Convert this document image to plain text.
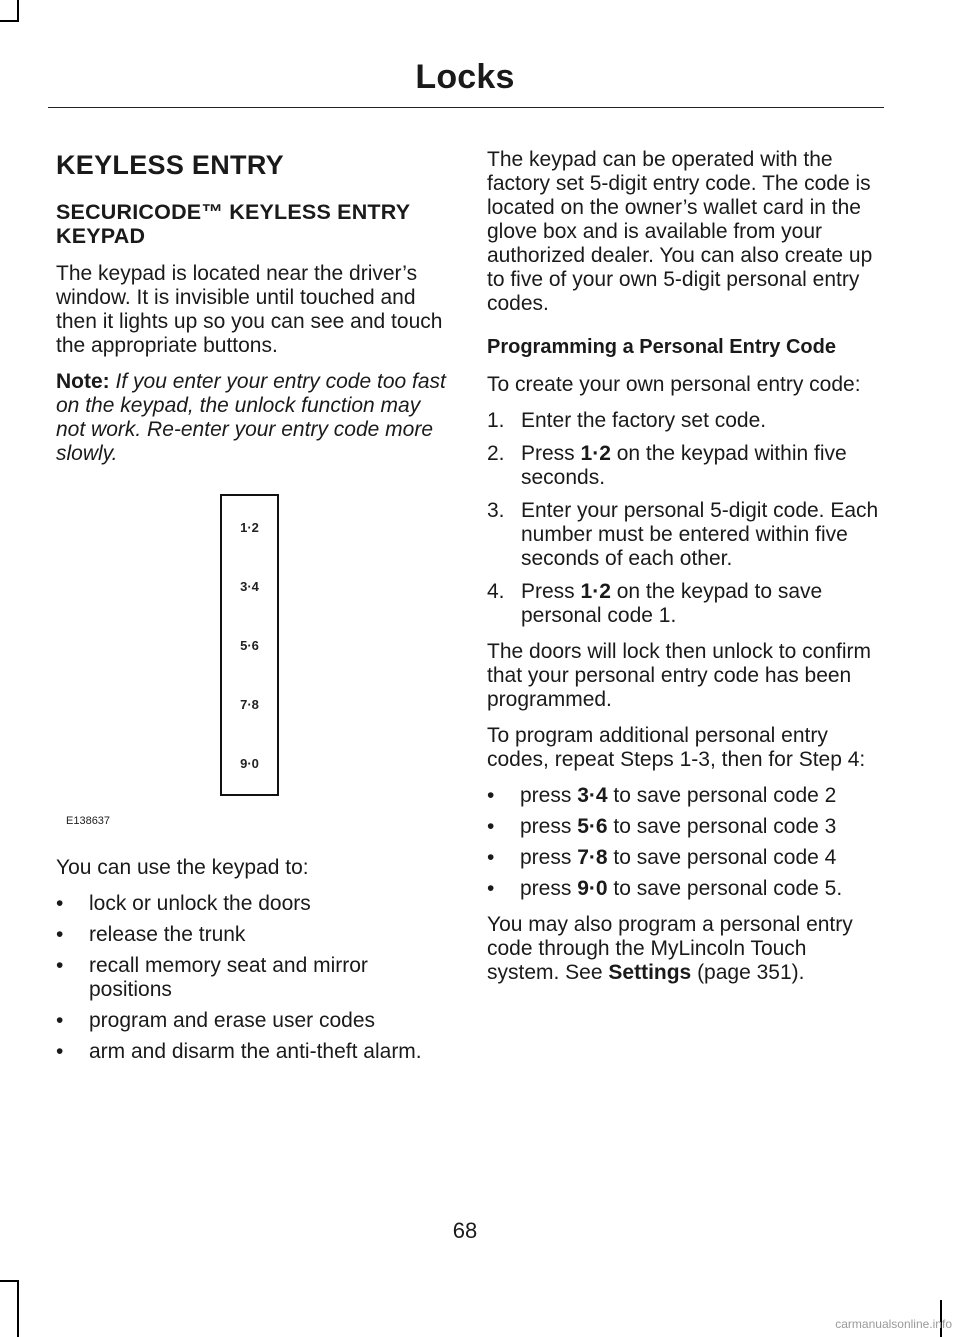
Locks
KEYLESS ENTRY
SECURICODE™ KEYLESS ENTRY KEYPAD

The keypad is located near the driver’s window. It is invisible until touched and then it lights up so you can see and touch the appropriate buttons.

Note: If you enter your entry code too fast on the keypad, the unlock function may not work. Re-enter your entry code more slowly.

1·2
3·4
5·6
7·8
9·0
E138637

You can use the keypad to:

• lock or unlock the doors
• release the trunk
• recall memory seat and mirror positions
• program and erase user codes
• arm and disarm the anti-theft alarm.

The keypad can be operated with the factory set 5-digit entry code. The code is located on the owner’s wallet card in the glove box and is available from your authorized dealer. You can also create up to five of your own 5-digit personal entry codes.

Programming a Personal Entry Code

To create your own personal entry code:

1. Enter the factory set code.
2. Press 1·2 on the keypad within five seconds.
3. Enter your personal 5-digit code. Each number must be entered within five seconds of each other.
4. Press 1·2 on the keypad to save personal code 1.

The doors will lock then unlock to confirm that your personal entry code has been programmed.

To program additional personal entry codes, repeat Steps 1-3, then for Step 4:

• press 3·4 to save personal code 2
• press 5·6 to save personal code 3
• press 7·8 to save personal code 4
• press 9·0 to save personal code 5.

You may also program a personal entry code through the MyLincoln Touch system. See Settings (page 351).

68
carmanualsonline.info
